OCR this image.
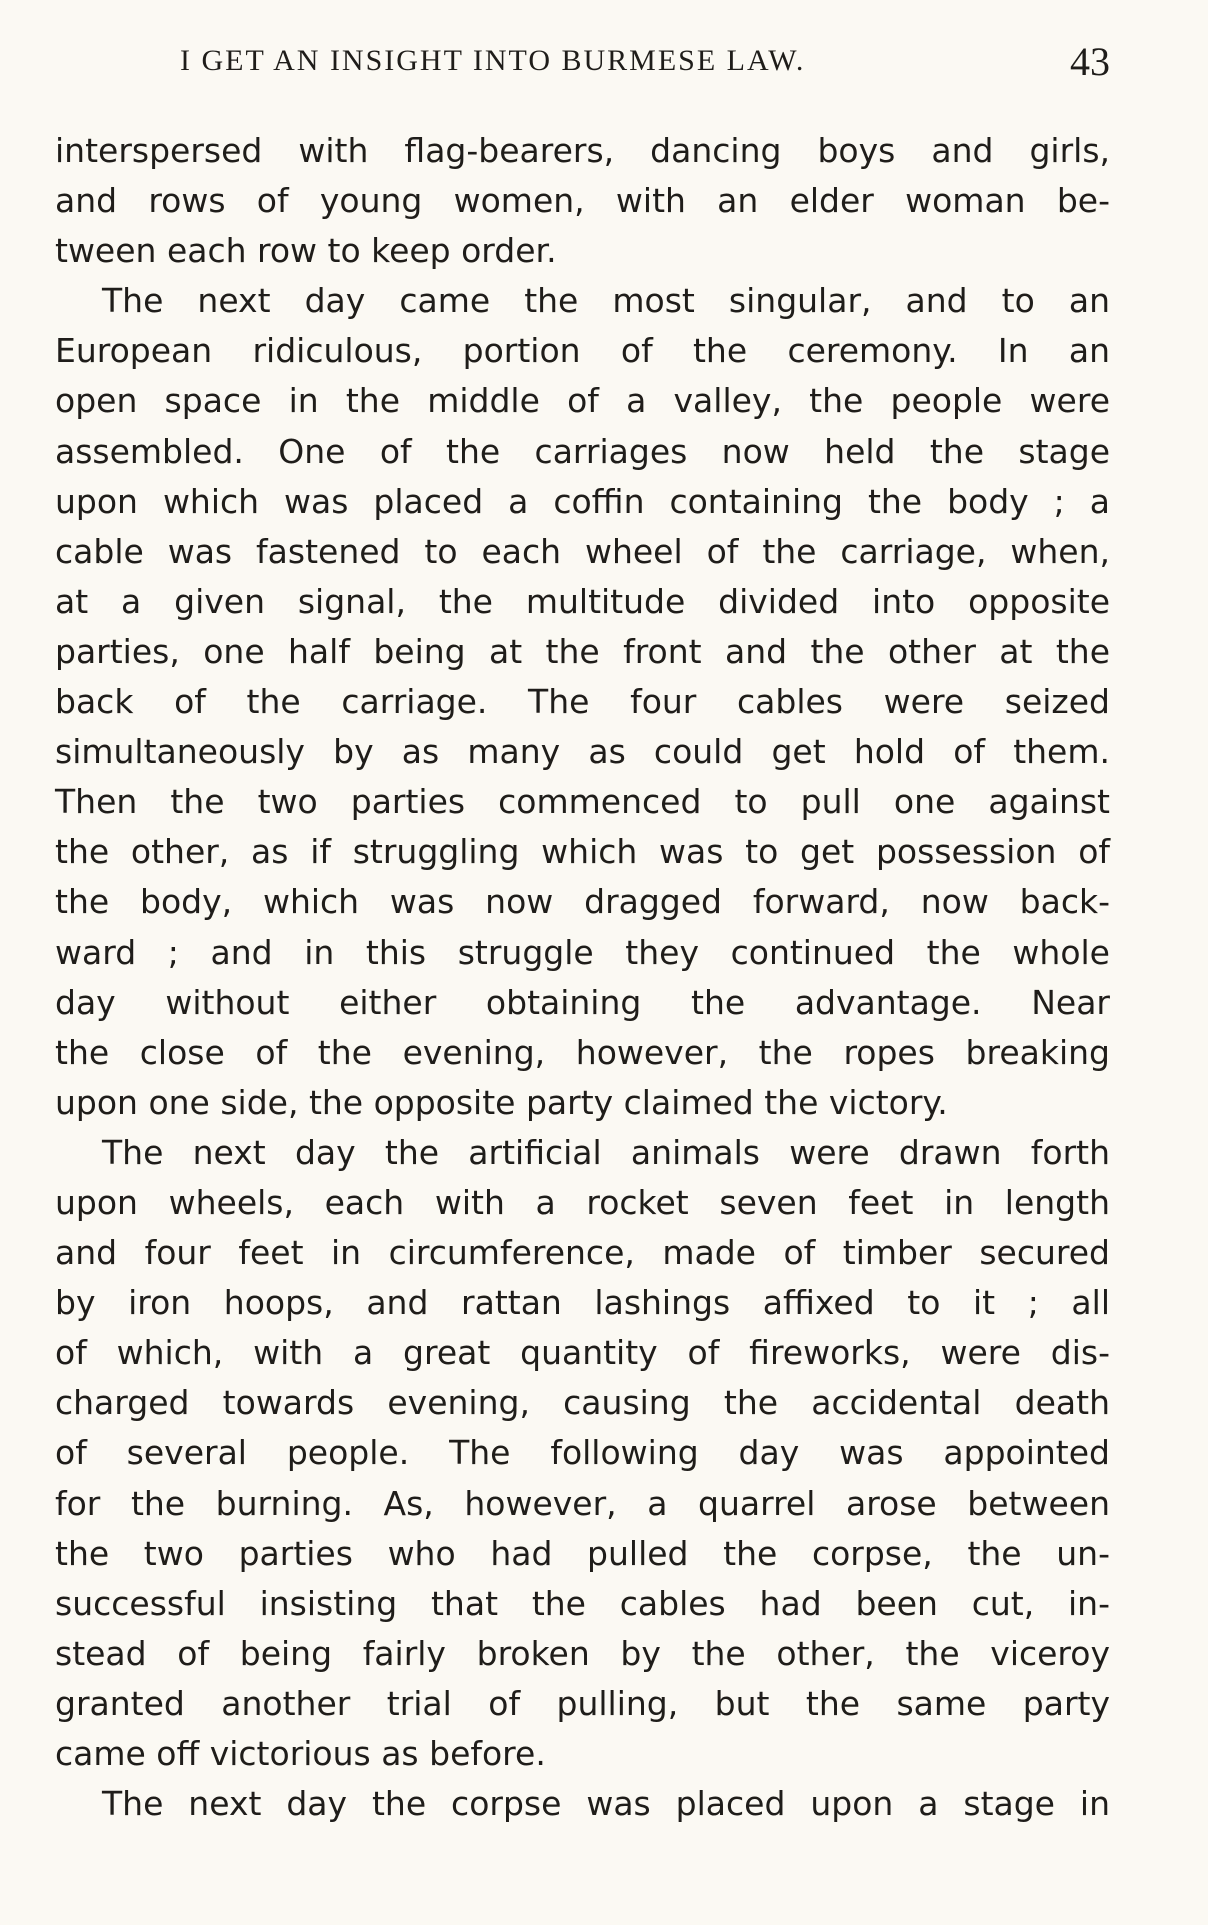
I GET AN INSIGHT INTO BURMESE LAW.	43
interspersed with flag-bearers, dancing boys and girls,
and rows of young women, with an elder woman be-
tween each row to keep order.
The next day came the most singular, and to an
European ridiculous, portion of the ceremony. In an
open space in the middle of a valley, the people were
assembled. One of the carriages now held the stage
upon which was placed a coffin containing the body ; a
cable was fastened to each wheel of the carriage, when,
at a given signal, the multitude divided into opposite
parties, one half being at the front and the other at the
back of the carriage. The four cables were seized
simultaneously by as many as could get hold of them.
Then the two parties commenced to pull one against
the other, as if struggling which was to get possession of
the body, which was now dragged forward, now back-
ward ; and in this struggle they continued the whole
day without either obtaining the advantage. Near
the close of the evening, however, the ropes breaking
upon one side, the opposite party claimed the victory.
The next day the artificial animals were drawn forth
upon wheels, each with a rocket seven feet in length
and four feet in circumference, made of timber secured
by iron hoops, and rattan lashings affixed to it ; all
of which, with a great quantity of fireworks, were dis-
charged towards evening, causing the accidental death
of several people. The following day was appointed
for the burning. As, however, a quarrel arose between
the two parties who had pulled the corpse, the un-
successful insisting that the cables had been cut, in-
stead of being fairly broken by the other, the viceroy
granted another trial of pulling, but the same party
came off victorious as before.
The next day the corpse was placed upon a stage in
